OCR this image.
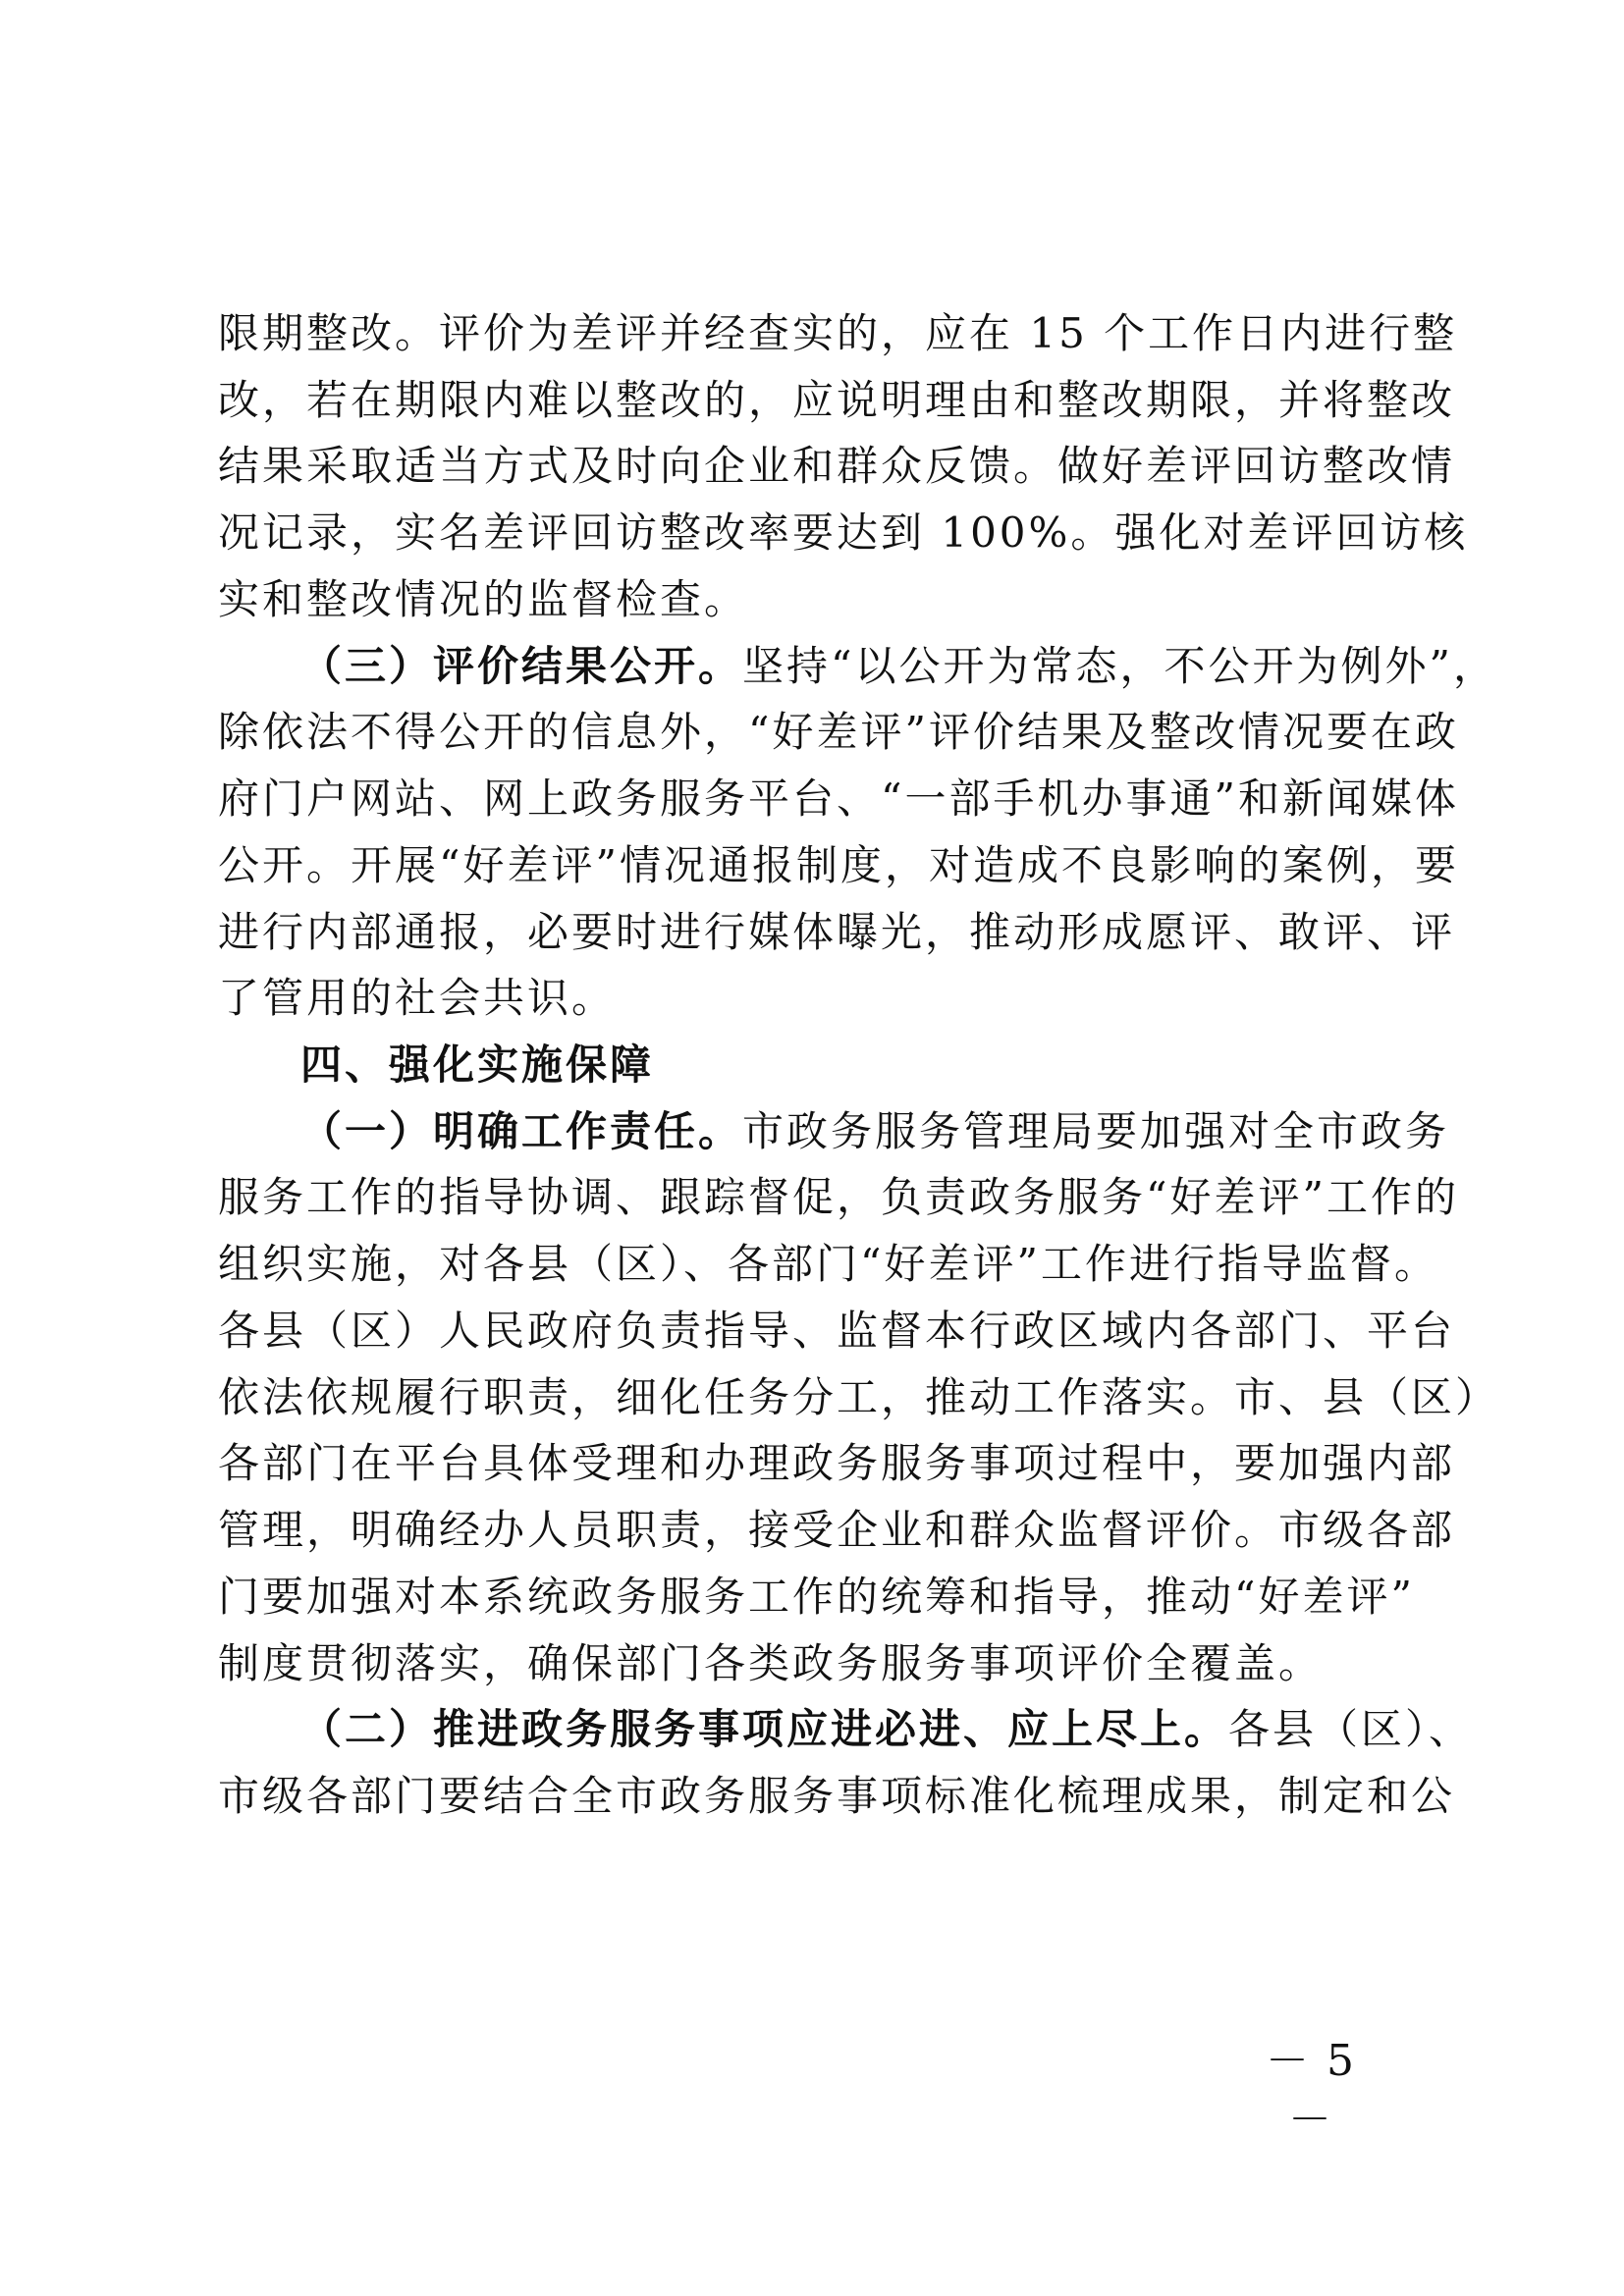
限期整改。评价为差评并经查实的，应在 15 个工作日内进行整
改，若在期限内难以整改的，应说明理由和整改期限，并将整改
结果采取适当方式及时向企业和群众反馈。做好差评回访整改情
况记录，实名差评回访整改率要达到 100%。强化对差评回访核
实和整改情况的监督检查。
（三）评价结果公开。坚持“以公开为常态，不公开为例外”，
除依法不得公开的信息外，“好差评”评价结果及整改情况要在政
府门户网站、网上政务服务平台、“一部手机办事通”和新闻媒体
公开。开展“好差评”情况通报制度，对造成不良影响的案例，要
进行内部通报，必要时进行媒体曝光，推动形成愿评、敢评、评
了管用的社会共识。
四、强化实施保障
（一）明确工作责任。市政务服务管理局要加强对全市政务
服务工作的指导协调、跟踪督促，负责政务服务“好差评”工作的
组织实施，对各县（区）、各部门“好差评”工作进行指导监督。
各县（区）人民政府负责指导、监督本行政区域内各部门、平台
依法依规履行职责，细化任务分工，推动工作落实。市、县（区）
各部门在平台具体受理和办理政务服务事项过程中，要加强内部
管理，明确经办人员职责，接受企业和群众监督评价。市级各部
门要加强对本系统政务服务工作的统筹和指导，推动“好差评”
制度贯彻落实，确保部门各类政务服务事项评价全覆盖。
（二）推进政务服务事项应进必进、应上尽上。各县（区）、
市级各部门要结合全市政务服务事项标准化梳理成果，制定和公
－ 5 －
